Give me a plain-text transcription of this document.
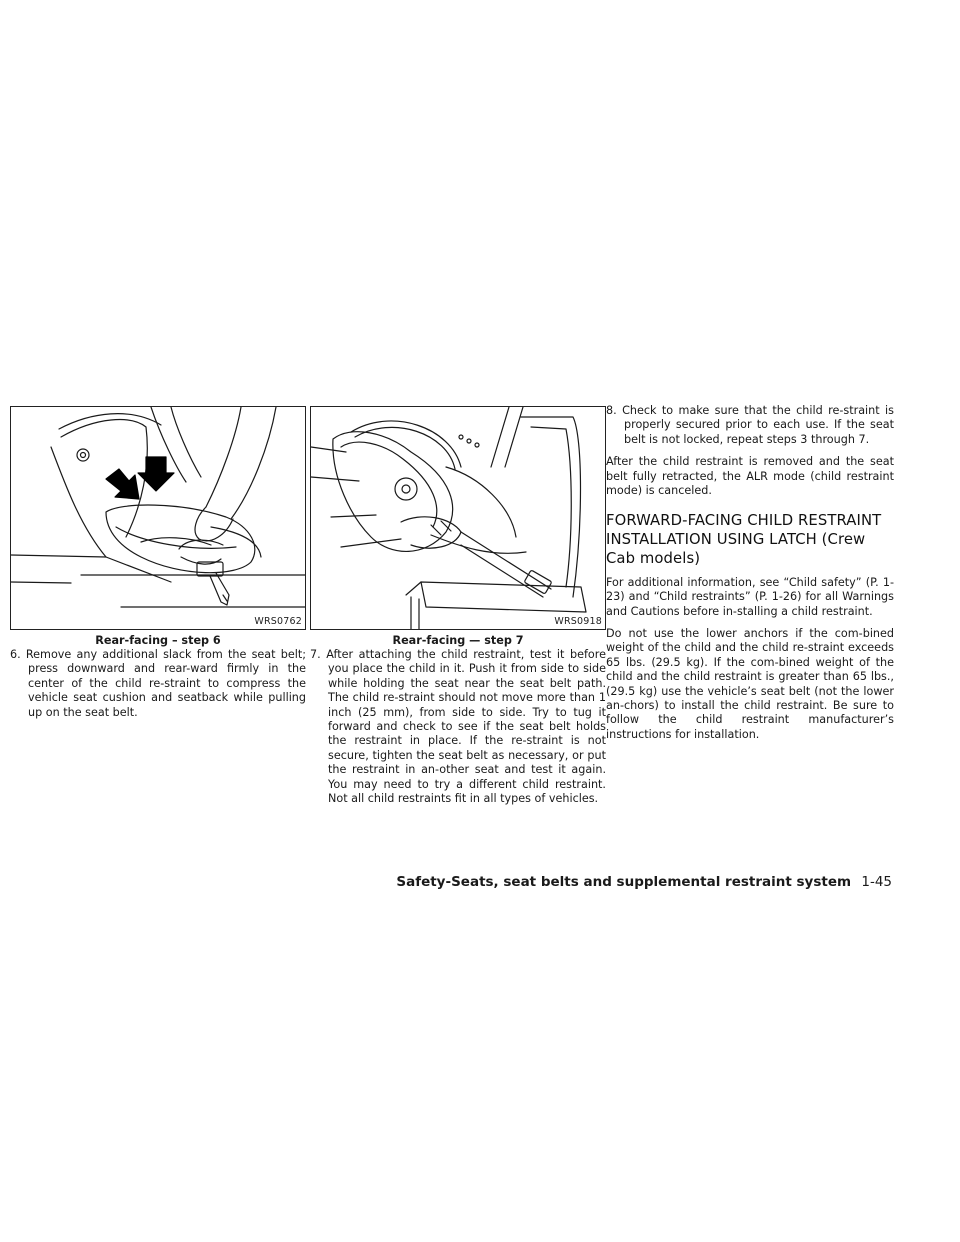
WRS0762
Rear-facing – step 6

6. Remove any additional slack from the seat belt; press downward and rear-ward firmly in the center of the child re-straint to compress the vehicle seat cushion and seatback while pulling up on the seat belt.

WRS0918
Rear-facing — step 7

7. After attaching the child restraint, test it before you place the child in it. Push it from side to side while holding the seat near the seat belt path. The child re-straint should not move more than 1 inch (25 mm), from side to side. Try to tug it forward and check to see if the seat belt holds the restraint in place. If the re-straint is not secure, tighten the seat belt as necessary, or put the restraint in an-other seat and test it again. You may need to try a different child restraint. Not all child restraints fit in all types of vehicles.

8. Check to make sure that the child re-straint is properly secured prior to each use. If the seat belt is not locked, repeat steps 3 through 7.

After the child restraint is removed and the seat belt fully retracted, the ALR mode (child restraint mode) is canceled.

FORWARD-FACING CHILD RESTRAINT INSTALLATION USING LATCH (Crew Cab models)

For additional information, see “Child safety” (P. 1-23) and “Child restraints” (P. 1-26) for all Warnings and Cautions before in-stalling a child restraint.

Do not use the lower anchors if the com-bined weight of the child and the child re-straint exceeds 65 lbs. (29.5 kg). If the com-bined weight of the child and the child restraint is greater than 65 lbs., (29.5 kg) use the vehicle’s seat belt (not the lower an-chors) to install the child restraint. Be sure to follow the child restraint manufacturer’s instructions for installation.

Safety-Seats, seat belts and supplemental restraint system 1-45
